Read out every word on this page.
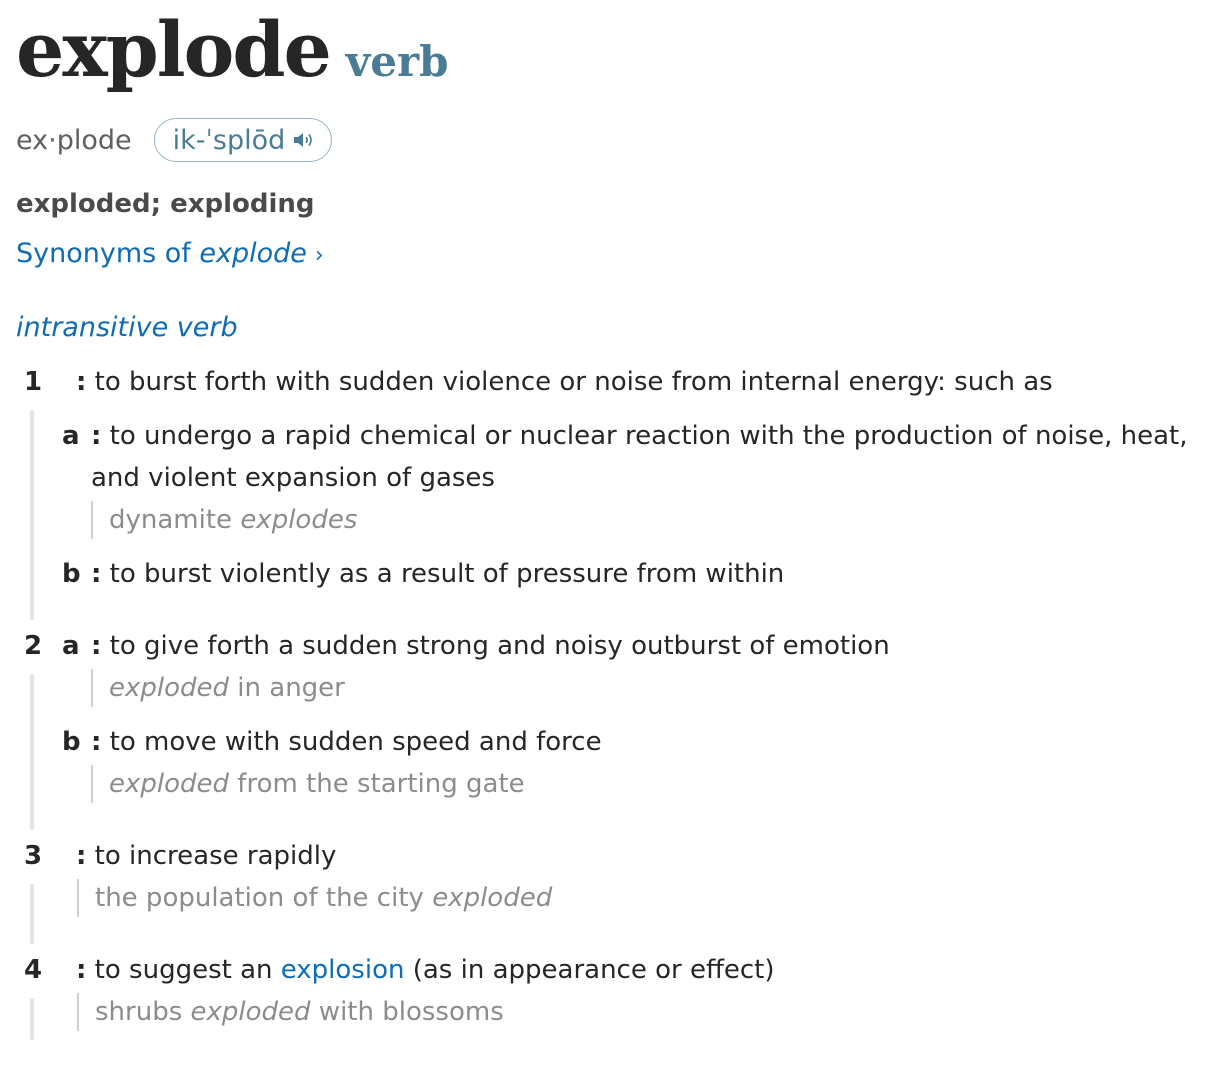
explode verb
ex·plode ik-ˈsplōd
exploded; exploding
Synonyms of explode ›
intransitive verb
1 : to burst forth with sudden violence or noise from internal energy: such as
a : to undergo a rapid chemical or nuclear reaction with the production of noise, heat,
and violent expansion of gases
dynamite explodes
b : to burst violently as a result of pressure from within
2 a : to give forth a sudden strong and noisy outburst of emotion
exploded in anger
b : to move with sudden speed and force
exploded from the starting gate
3 : to increase rapidly
the population of the city exploded
4 : to suggest an explosion (as in appearance or effect)
shrubs exploded with blossoms
